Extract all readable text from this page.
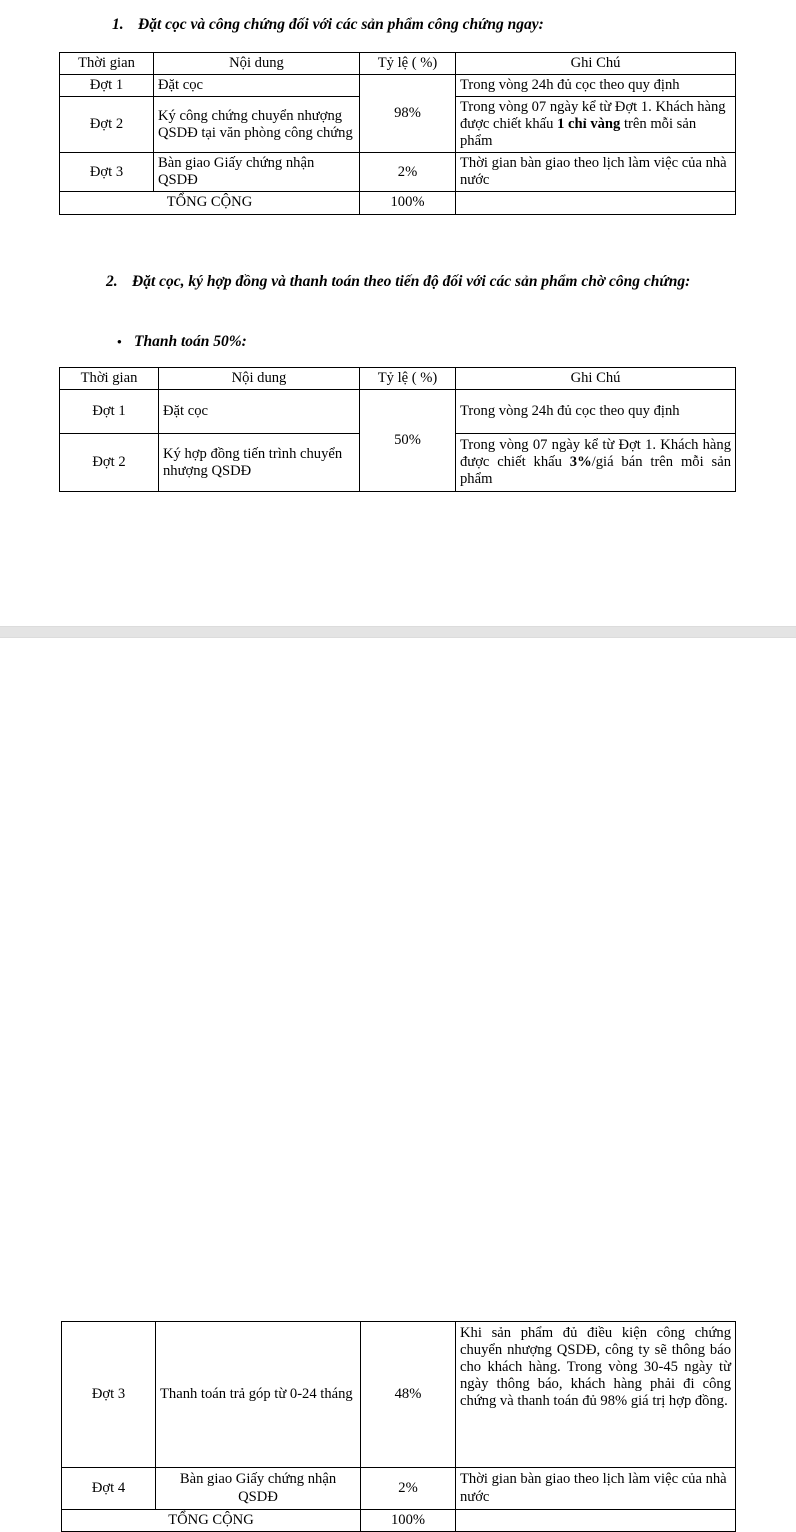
1. Đặt cọc và công chứng đối với các sản phẩm công chứng ngay:
Thời gian	Nội dung	Tỷ lệ ( %)	Ghi Chú
Đợt 1	Đặt cọc	98%	Trong vòng 24h đủ cọc theo quy định
Đợt 2	Ký công chứng chuyển nhượng QSDĐ tại văn phòng công chứng		Trong vòng 07 ngày kể từ Đợt 1. Khách hàng được chiết khấu 1 chỉ vàng trên mỗi sản phẩm
Đợt 3	Bàn giao Giấy chứng nhận QSDĐ	2%	Thời gian bàn giao theo lịch làm việc của nhà nước
TỔNG CỘNG		100%	
2. Đặt cọc, ký hợp đồng và thanh toán theo tiến độ đối với các sản phẩm chờ công chứng:
• Thanh toán 50%:
Thời gian	Nội dung	Tỷ lệ ( %)	Ghi Chú
Đợt 1	Đặt cọc	50%	Trong vòng 24h đủ cọc theo quy định
Đợt 2	Ký hợp đồng tiến trình chuyển nhượng QSDĐ		Trong vòng 07 ngày kể từ Đợt 1. Khách hàng được chiết khấu 3%/giá bán trên mỗi sản phẩm
Đợt 3	Thanh toán trả góp từ 0-24 tháng	48%	Khi sản phẩm đủ điều kiện công chứng chuyển nhượng QSDĐ, công ty sẽ thông báo cho khách hàng. Trong vòng 30-45 ngày từ ngày thông báo, khách hàng phải đi công chứng và thanh toán đủ 98% giá trị hợp đồng.
Đợt 4	Bàn giao Giấy chứng nhận QSDĐ	2%	Thời gian bàn giao theo lịch làm việc của nhà nước
TỔNG CỘNG		100%	
